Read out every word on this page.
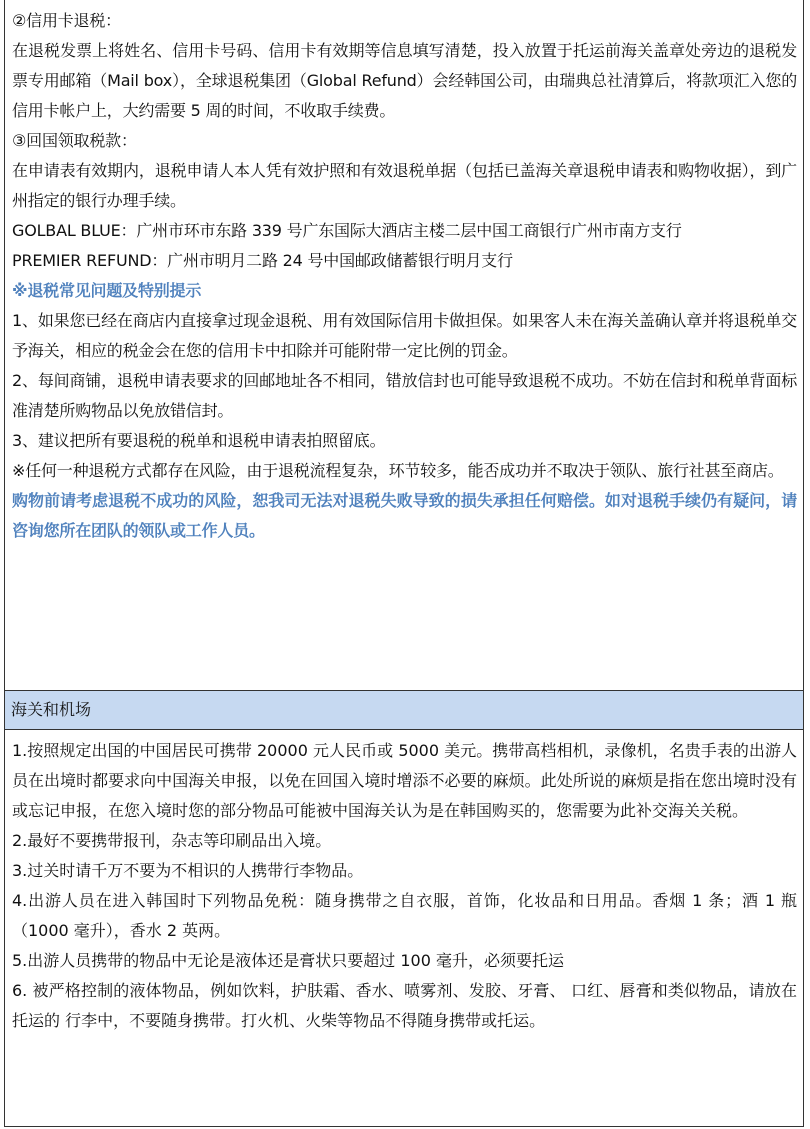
②信用卡退税：

在退税发票上将姓名、信用卡号码、信用卡有效期等信息填写清楚，投入放置于托运前海关盖章处旁边的退税发票专用邮箱（Mail box），全球退税集团（Global Refund）会经韩国公司，由瑞典总社清算后，将款项汇入您的信用卡帐户上，大约需要 5 周的时间，不收取手续费。

③回国领取税款：

在申请表有效期内，退税申请人本人凭有效护照和有效退税单据（包括已盖海关章退税申请表和购物收据），到广州指定的银行办理手续。

GOLBAL BLUE：广州市环市东路 339 号广东国际大酒店主楼二层中国工商银行广州市南方支行

PREMIER REFUND：广州市明月二路 24 号中国邮政储蓄银行明月支行

※退税常见问题及特别提示

1、如果您已经在商店内直接拿过现金退税、用有效国际信用卡做担保。如果客人未在海关盖确认章并将退税单交予海关，相应的税金会在您的信用卡中扣除并可能附带一定比例的罚金。

2、每间商铺，退税申请表要求的回邮地址各不相同，错放信封也可能导致退税不成功。不妨在信封和税单背面标 准清楚所购物品以免放错信封。

3、建议把所有要退税的税单和退税申请表拍照留底。

※任何一种退税方式都存在风险，由于退税流程复杂，环节较多，能否成功并不取决于领队、旅行社甚至商店。

购物前请考虑退税不成功的风险，恕我司无法对退税失败导致的损失承担任何赔偿。如对退税手续仍有疑问，请咨询您所在团队的领队或工作人员。

海关和机场

1.按照规定出国的中国居民可携带 20000 元人民币或 5000 美元。携带高档相机，录像机，名贵手表的出游人员在出境时都要求向中国海关申报，以免在回国入境时增添不必要的麻烦。此处所说的麻烦是指在您出境时没有或忘记申报，在您入境时您的部分物品可能被中国海关认为是在韩国购买的，您需要为此补交海关关税。

2.最好不要携带报刊，杂志等印刷品出入境。

3.过关时请千万不要为不相识的人携带行李物品。

4.出游人员在进入韩国时下列物品免税：随身携带之自衣服，首饰，化妆品和日用品。香烟 1 条；酒 1 瓶（1000 毫升），香水 2 英两。

5.出游人员携带的物品中无论是液体还是膏状只要超过 100 毫升，必须要托运

6. 被严格控制的液体物品，例如饮料，护肤霜、香水、喷雾剂、发胶、牙膏、 口红、唇膏和类似物品，请放在托运的 行李中，不要随身携带。打火机、火柴等物品不得随身携带或托运。
